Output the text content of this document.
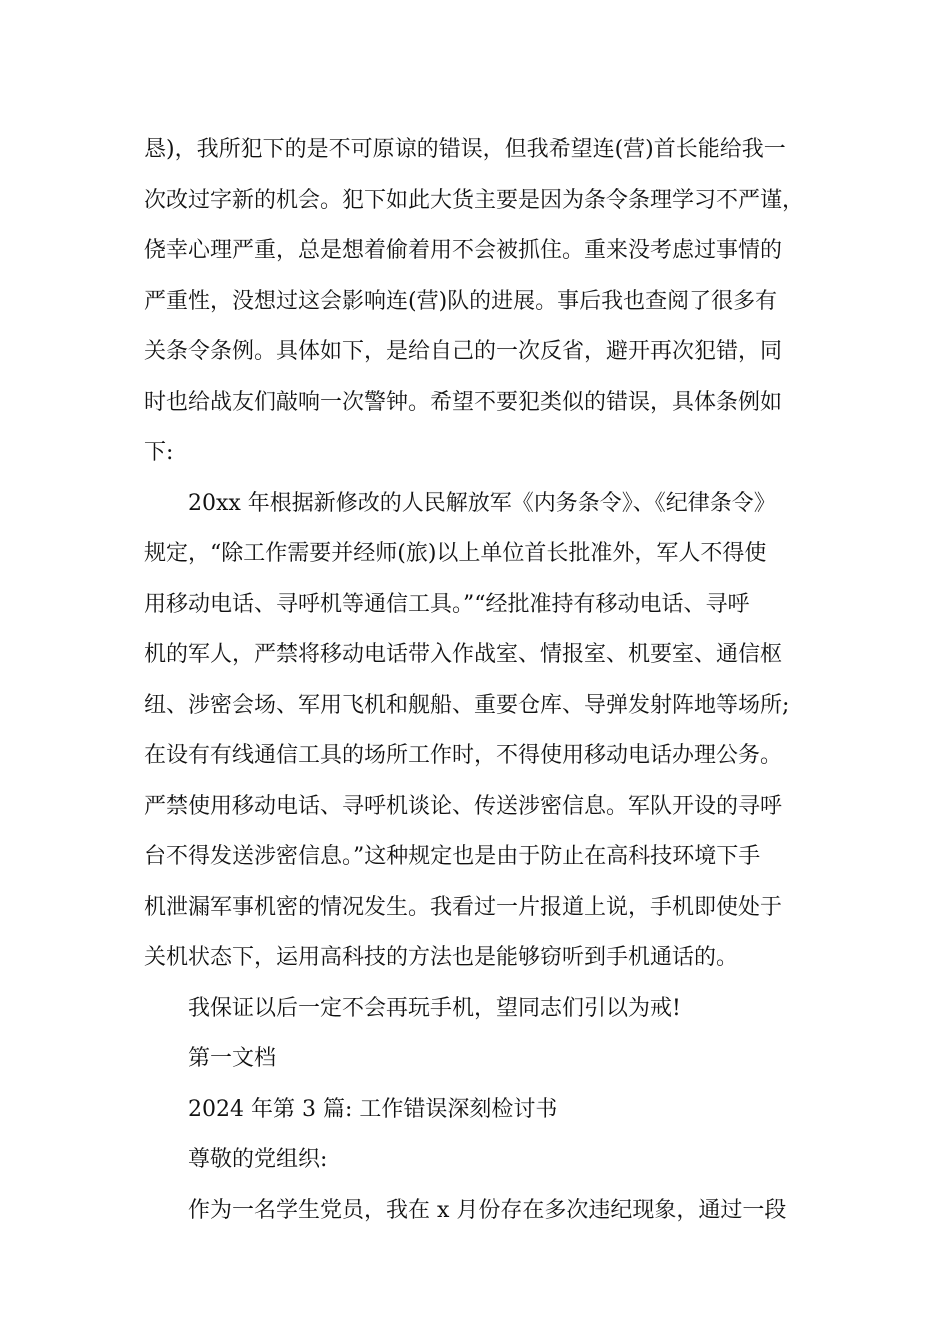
恳)，我所犯下的是不可原谅的错误，但我希望连(营)首长能给我一
次改过字新的机会。犯下如此大货主要是因为条令条理学习不严谨，
侥幸心理严重，总是想着偷着用不会被抓住。重来没考虑过事情的
严重性，没想过这会影响连(营)队的进展。事后我也查阅了很多有
关条令条例。具体如下，是给自己的一次反省，避开再次犯错，同
时也给战友们敲响一次警钟。希望不要犯类似的错误，具体条例如
下:

20xx 年根据新修改的人民解放军《内务条令》、《纪律条令》
规定，“除工作需要并经师(旅)以上单位首长批准外，军人不得使
用移动电话、寻呼机等通信工具。”“经批准持有移动电话、寻呼
机的军人，严禁将移动电话带入作战室、情报室、机要室、通信枢
纽、涉密会场、军用飞机和舰船、重要仓库、导弹发射阵地等场所;
在设有有线通信工具的场所工作时，不得使用移动电话办理公务。
严禁使用移动电话、寻呼机谈论、传送涉密信息。军队开设的寻呼
台不得发送涉密信息。”这种规定也是由于防止在高科技环境下手
机泄漏军事机密的情况发生。我看过一片报道上说，手机即使处于
关机状态下，运用高科技的方法也是能够窃听到手机通话的。

我保证以后一定不会再玩手机，望同志们引以为戒!

第一文档

2024 年第 3 篇: 工作错误深刻检讨书

尊敬的党组织:

作为一名学生党员，我在 x 月份存在多次违纪现象，通过一段
